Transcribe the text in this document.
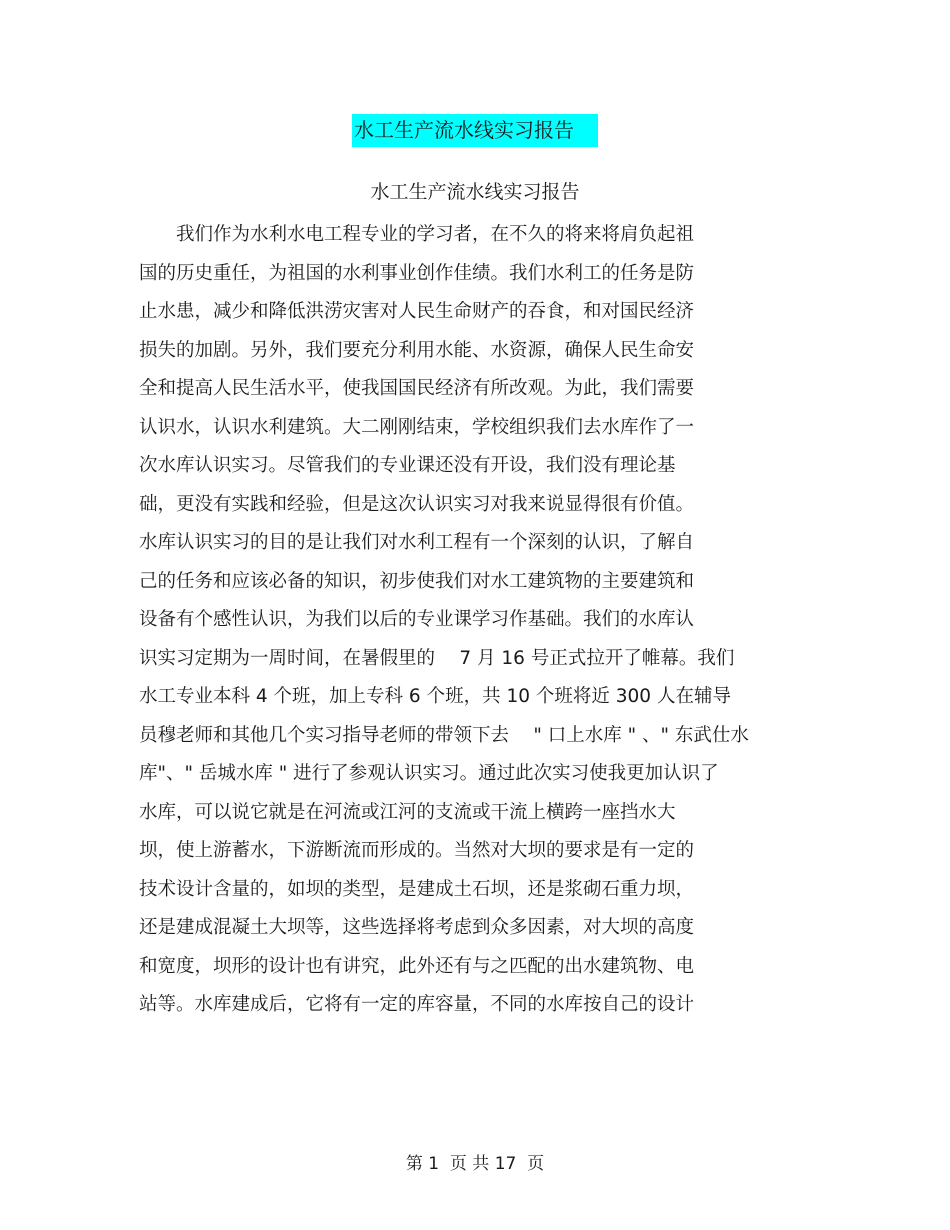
水工生产流水线实习报告
水工生产流水线实习报告
　　我们作为水利水电工程专业的学习者，在不久的将来将肩负起祖
国的历史重任，为祖国的水利事业创作佳绩。我们水利工的任务是防
止水患，减少和降低洪涝灾害对人民生命财产的吞食，和对国民经济
损失的加剧。另外，我们要充分利用水能、水资源，确保人民生命安
全和提高人民生活水平，使我国国民经济有所改观。为此，我们需要
认识水，认识水利建筑。大二刚刚结束，学校组织我们去水库作了一
次水库认识实习。尽管我们的专业课还没有开设，我们没有理论基
础，更没有实践和经验，但是这次认识实习对我来说显得很有价值。
水库认识实习的目的是让我们对水利工程有一个深刻的认识，了解自
己的任务和应该必备的知识，初步使我们对水工建筑物的主要建筑和
设备有个感性认识，为我们以后的专业课学习作基础。我们的水库认
识实习定期为一周时间，在暑假里的　 7 月 16 号正式拉开了帷幕。我们
水工专业本科 4 个班，加上专科 6 个班，共 10 个班将近 300 人在辅导
员穆老师和其他几个实习指导老师的带领下去　 " 口上水库 " 、" 东武仕水
库"、" 岳城水库 " 进行了参观认识实习。通过此次实习使我更加认识了
水库，可以说它就是在河流或江河的支流或干流上横跨一座挡水大
坝，使上游蓄水，下游断流而形成的。当然对大坝的要求是有一定的
技术设计含量的，如坝的类型，是建成土石坝，还是浆砌石重力坝，
还是建成混凝土大坝等，这些选择将考虑到众多因素，对大坝的高度
和宽度，坝形的设计也有讲究，此外还有与之匹配的出水建筑物、电
站等。水库建成后，它将有一定的库容量，不同的水库按自己的设计
第 1  页 共 17  页
